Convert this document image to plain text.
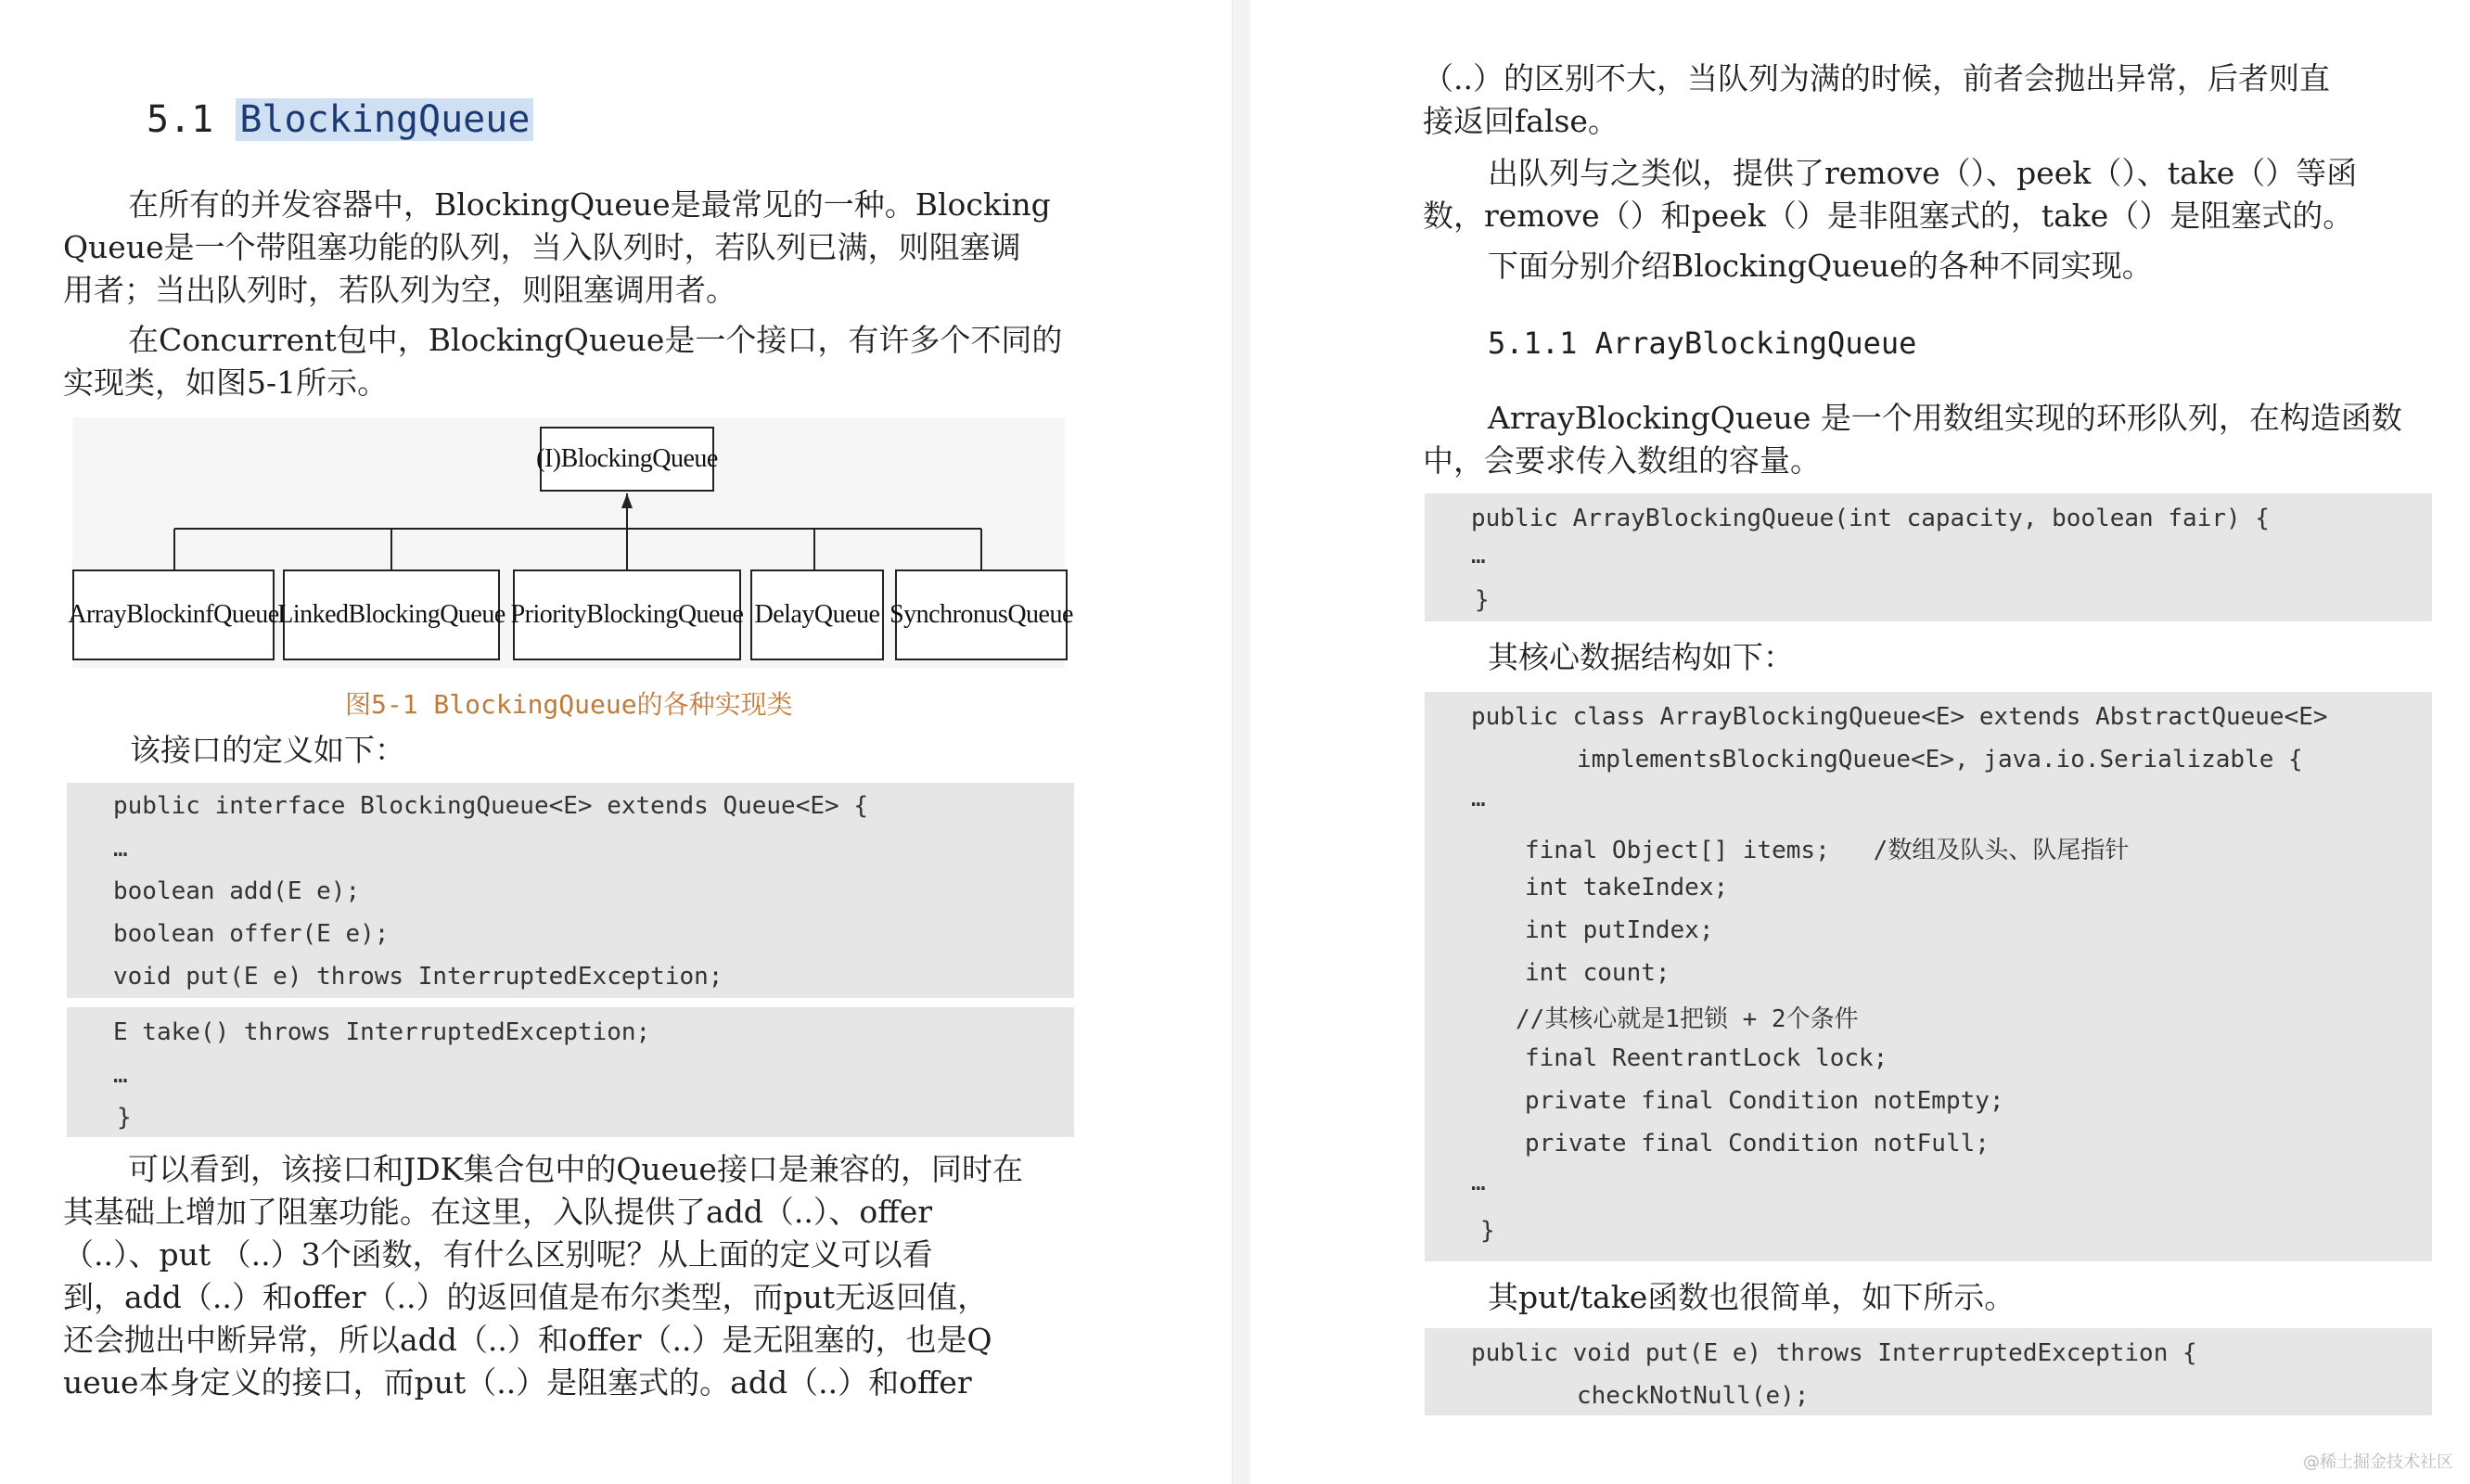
5.1 BlockingQueue
在所有的并发容器中，BlockingQueue是最常见的一种。Blocking
Queue是一个带阻塞功能的队列，当入队列时，若队列已满，则阻塞调
用者；当出队列时，若队列为空，则阻塞调用者。
在Concurrent包中，BlockingQueue是一个接口，有许多个不同的
实现类，如图5-1所示。
(I)BlockingQueue
ArrayBlockinfQueue
LinkedBlockingQueue PriorityBlockingQueue DelayQueue SynchronusQueue
图5-1 BlockingQueue的各种实现类
该接口的定义如下：
public interface BlockingQueue<E> extends Queue<E> {
…
boolean add(E e);
boolean offer(E e);
void put(E e) throws InterruptedException;
E take() throws InterruptedException;
…
}
可以看到，该接口和JDK集合包中的Queue接口是兼容的，同时在
其基础上增加了阻塞功能。在这里，入队提供了add（..）、offer
（..）、put （..）3个函数，有什么区别呢？从上面的定义可以看
到，add（..）和offer（..）的返回值是布尔类型，而put无返回值，
还会抛出中断异常，所以add（..）和offer（..）是无阻塞的，也是Q
ueue本身定义的接口，而put（..）是阻塞式的。add（..）和offer
（..）的区别不大，当队列为满的时候，前者会抛出异常，后者则直
接返回false。
出队列与之类似，提供了remove（）、peek（）、take（）等函
数，remove（）和peek（）是非阻塞式的，take（）是阻塞式的。
下面分别介绍BlockingQueue的各种不同实现。
5.1.1 ArrayBlockingQueue
ArrayBlockingQueue 是一个用数组实现的环形队列，在构造函数
中，会要求传入数组的容量。
public ArrayBlockingQueue(int capacity, boolean fair) {
…
}
其核心数据结构如下：
public class ArrayBlockingQueue<E> extends AbstractQueue<E>
implementsBlockingQueue<E>, java.io.Serializable {
…
final Object[] items;   /数组及队头、队尾指针
int takeIndex;
int putIndex;
int count;
//其核心就是1把锁 + 2个条件
final ReentrantLock lock;
private final Condition notEmpty;
private final Condition notFull;
…
}
其put/take函数也很简单，如下所示。
public void put(E e) throws InterruptedException {
checkNotNull(e);
@稀土掘金技术社区
